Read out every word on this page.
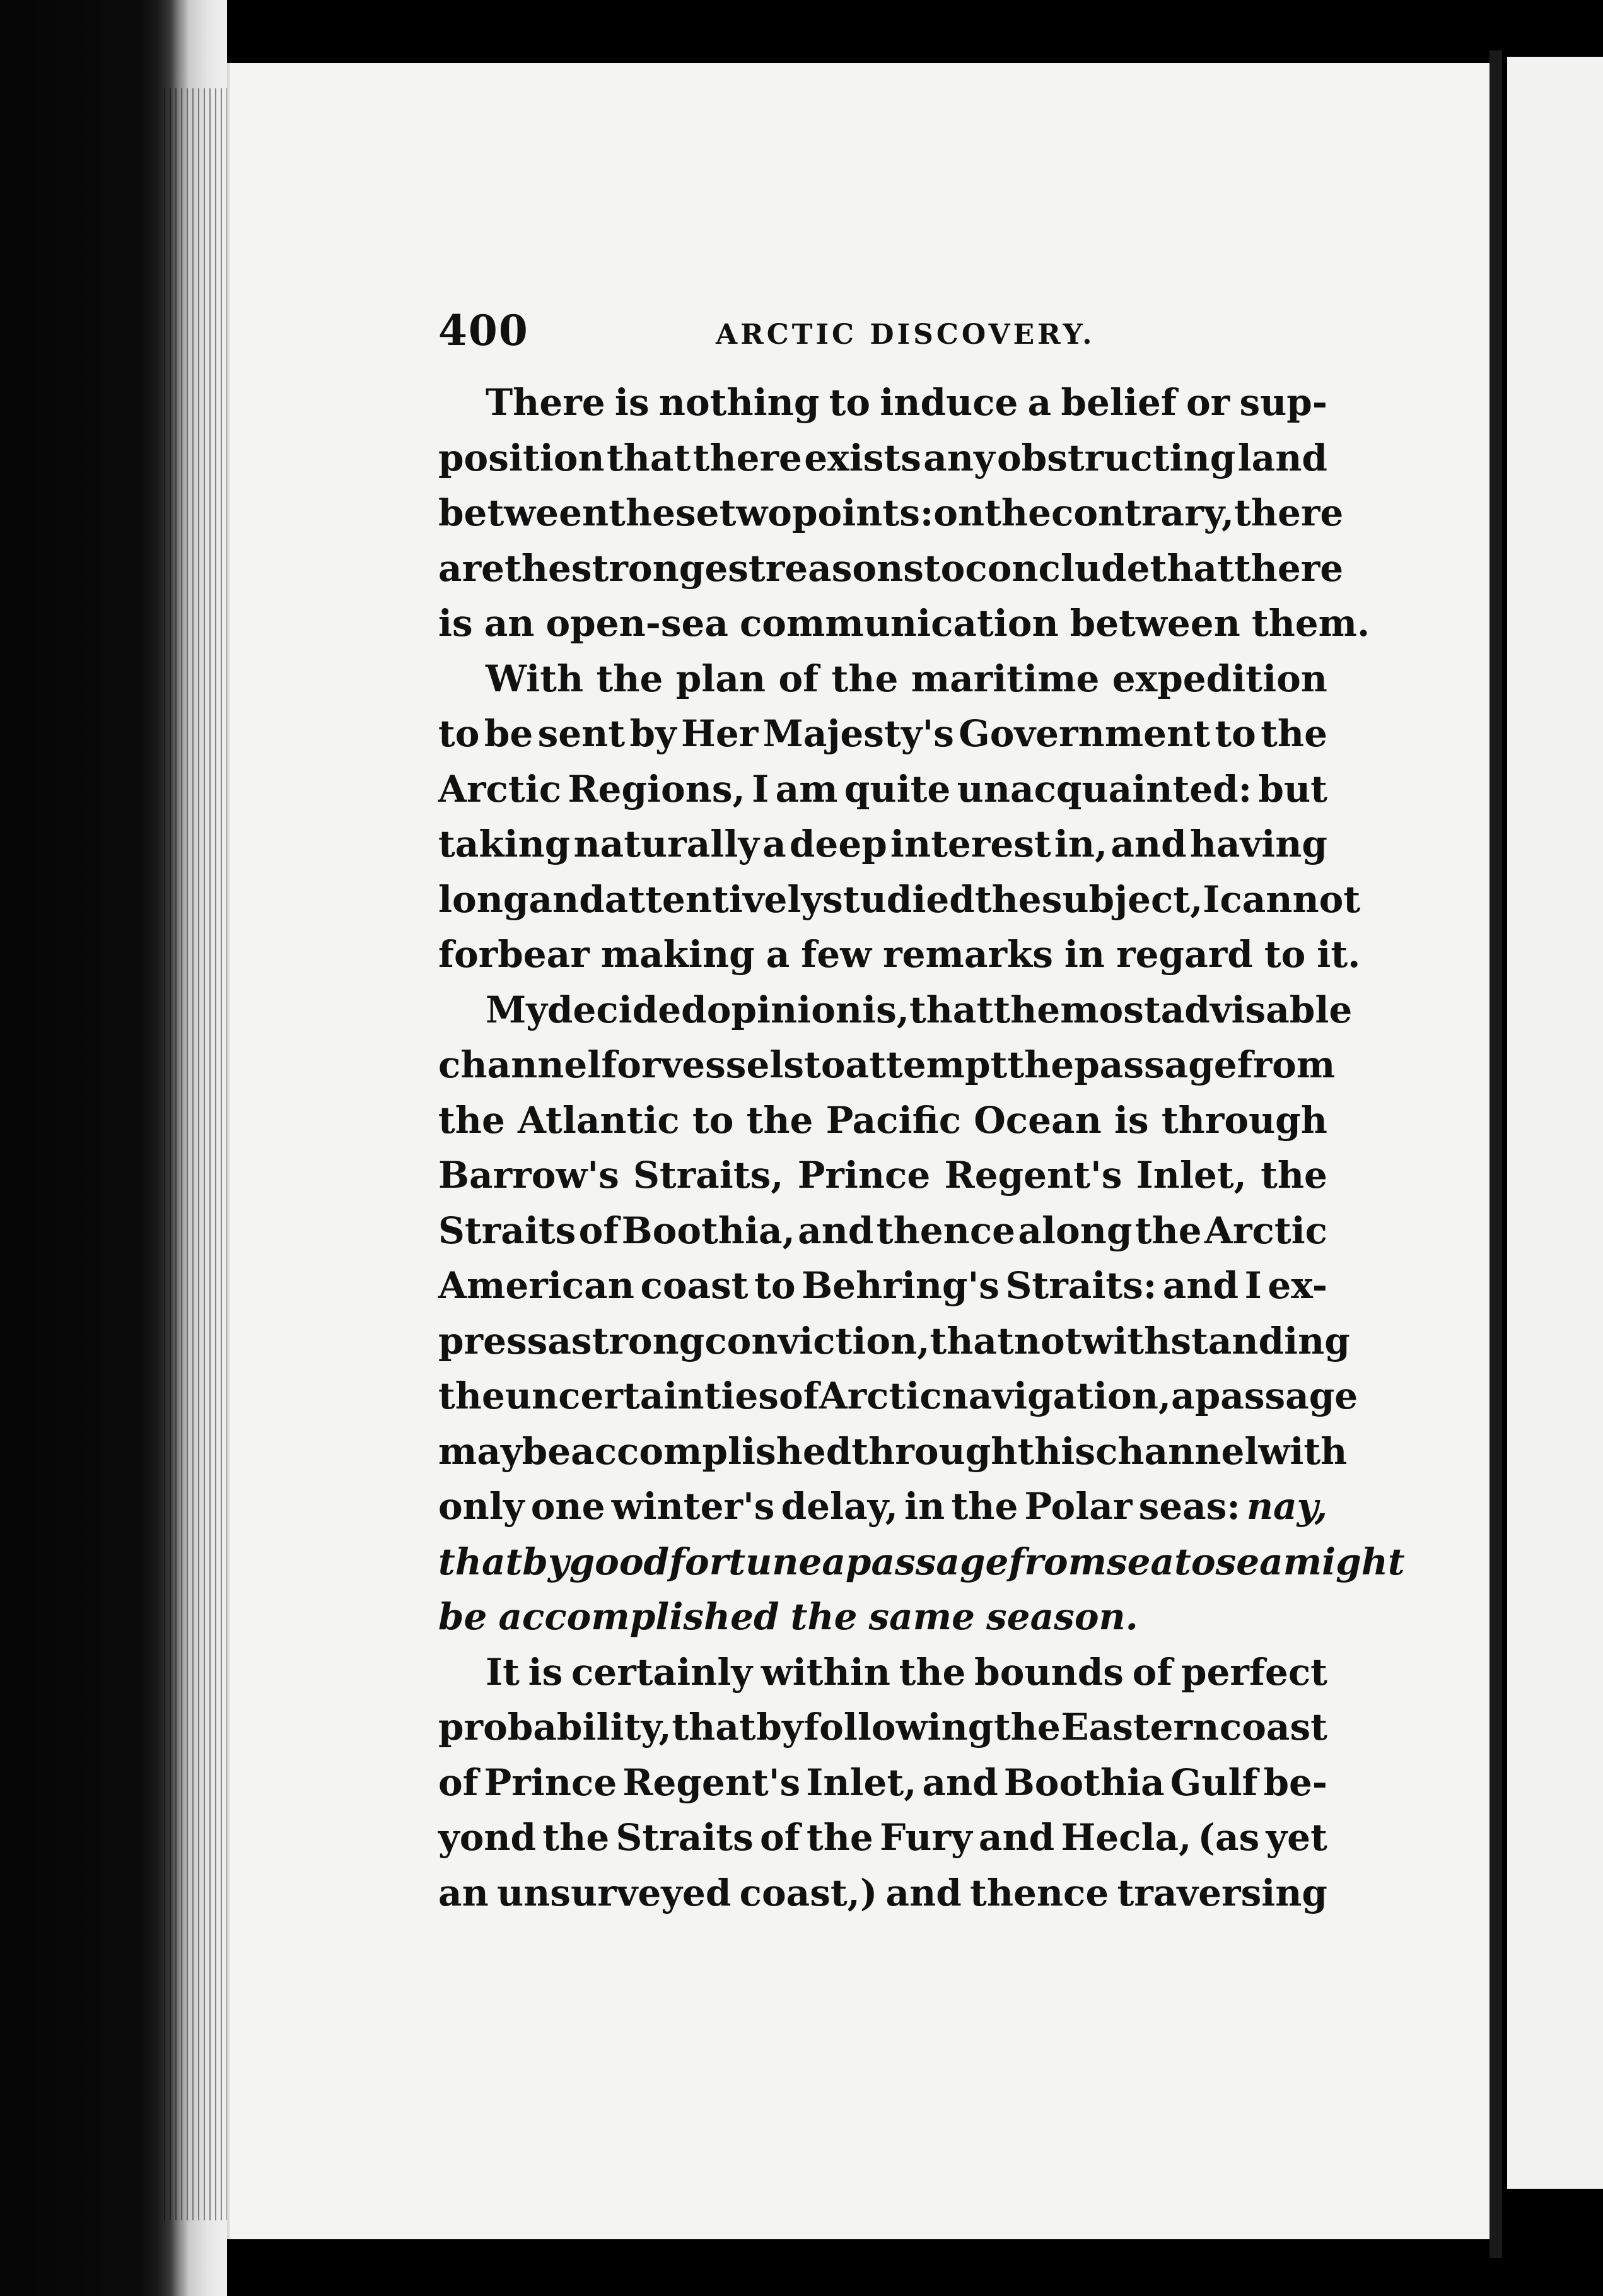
400	ARCTIC DISCOVERY.
There is nothing to induce a belief or sup-
position that there exists any obstructing land
between these two points: on the contrary, there
are the strongest reasons to conclude that there
is an open-sea communication between them.
With the plan of the maritime expedition
to be sent by Her Majesty's Government to the
Arctic Regions, I am quite unacquainted: but
taking naturally a deep interest in, and having
long and attentively studied the subject, I cannot
forbear making a few remarks in regard to it.
My decided opinion is, that the most advisable
channel for vessels to attempt the passage from
the Atlantic to the Pacific Ocean is through
Barrow's Straits, Prince Regent's Inlet, the
Straits of Boothia, and thence along the Arctic
American coast to Behring's Straits: and I ex-
press a strong conviction, that notwithstanding
the uncertainties of Arctic navigation, a passage
may be accomplished through this channel with
only one winter's delay, in the Polar seas: nay,
that by good fortune a passage from sea to sea might
be accomplished the same season.
It is certainly within the bounds of perfect
probability, that by following the Eastern coast
of Prince Regent's Inlet, and Boothia Gulf be-
yond the Straits of the Fury and Hecla, (as yet
an unsurveyed coast,) and thence traversing
